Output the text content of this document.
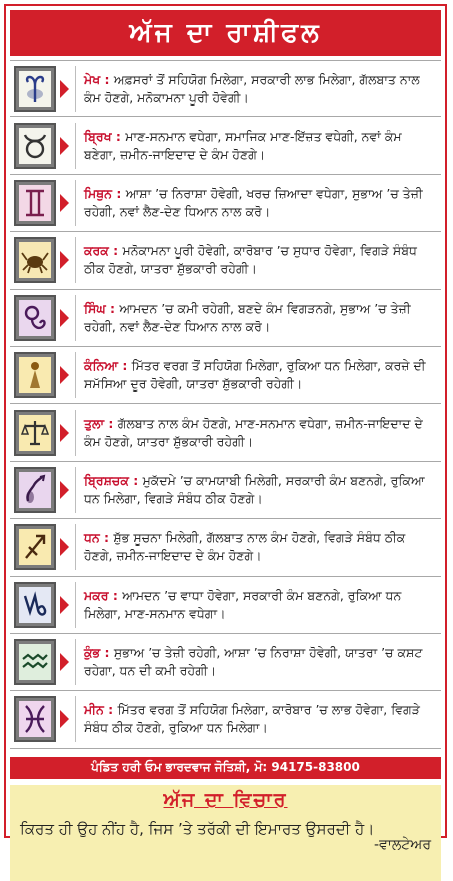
ਅੱਜ ਦਾ ਰਾਸ਼ੀਫਲ
ਮੇਖ : ਅਫ਼ਸਰਾਂ ਤੋਂ ਸਹਿਯੋਗ ਮਿਲੇਗਾ, ਸਰਕਾਰੀ ਲਾਭ ਮਿਲੇਗਾ, ਗੱਲਬਾਤ ਨਾਲ ਕੰਮ ਹੋਣਗੇ, ਮਨੋਕਾਮਨਾ ਪੂਰੀ ਹੋਵੇਗੀ।
ਬ੍ਰਿਖ : ਮਾਣ-ਸਨਮਾਨ ਵਧੇਗਾ, ਸਮਾਜਿਕ ਮਾਣ-ਇੱਜ਼ਤ ਵਧੇਗੀ, ਨਵਾਂ ਕੰਮ ਬਣੇਗਾ, ਜ਼ਮੀਨ-ਜਾਇਦਾਦ ਦੇ ਕੰਮ ਹੋਣਗੇ।
ਮਿਥੁਨ : ਆਸ਼ਾ ’ਚ ਨਿਰਾਸ਼ਾ ਹੋਵੇਗੀ, ਖਰਚ ਜ਼ਿਆਦਾ ਵਧੇਗਾ, ਸੁਭਾਅ ’ਚ ਤੇਜ਼ੀ ਰਹੇਗੀ, ਨਵਾਂ ਲੈਣ-ਦੇਣ ਧਿਆਨ ਨਾਲ ਕਰੋ।
ਕਰਕ : ਮਨੋਕਾਮਨਾ ਪੂਰੀ ਹੋਵੇਗੀ, ਕਾਰੋਬਾਰ ’ਚ ਸੁਧਾਰ ਹੋਵੇਗਾ, ਵਿਗੜੇ ਸੰਬੰਧ ਠੀਕ ਹੋਣਗੇ, ਯਾਤਰਾ ਸ਼ੁੱਭਕਾਰੀ ਰਹੇਗੀ।
ਸਿੰਘ : ਆਮਦਨ ’ਚ ਕਮੀ ਰਹੇਗੀ, ਬਣਦੇ ਕੰਮ ਵਿਗੜਨਗੇ, ਸੁਭਾਅ ’ਚ ਤੇਜ਼ੀ ਰਹੇਗੀ, ਨਵਾਂ ਲੈਣ-ਦੇਣ ਧਿਆਨ ਨਾਲ ਕਰੋ।
ਕੰਨਿਆ : ਮਿੱਤਰ ਵਰਗ ਤੋਂ ਸਹਿਯੋਗ ਮਿਲੇਗਾ, ਰੁਕਿਆ ਧਨ ਮਿਲੇਗਾ, ਕਰਜ਼ੇ ਦੀ ਸਮੱਸਿਆ ਦੂਰ ਹੋਵੇਗੀ, ਯਾਤਰਾ ਸ਼ੁੱਭਕਾਰੀ ਰਹੇਗੀ।
ਤੁਲਾ : ਗੱਲਬਾਤ ਨਾਲ ਕੰਮ ਹੋਣਗੇ, ਮਾਣ-ਸਨਮਾਨ ਵਧੇਗਾ, ਜ਼ਮੀਨ-ਜਾਇਦਾਦ ਦੇ ਕੰਮ ਹੋਣਗੇ, ਯਾਤਰਾ ਸ਼ੁੱਭਕਾਰੀ ਰਹੇਗੀ।
ਬ੍ਰਿਸ਼ਚਕ : ਮੁਕੱਦਮੇ ’ਚ ਕਾਮਯਾਬੀ ਮਿਲੇਗੀ, ਸਰਕਾਰੀ ਕੰਮ ਬਣਨਗੇ, ਰੁਕਿਆ ਧਨ ਮਿਲੇਗਾ, ਵਿਗੜੇ ਸੰਬੰਧ ਠੀਕ ਹੋਣਗੇ।
ਧਨ : ਸ਼ੁੱਭ ਸੂਚਨਾ ਮਿਲੇਗੀ, ਗੱਲਬਾਤ ਨਾਲ ਕੰਮ ਹੋਣਗੇ, ਵਿਗੜੇ ਸੰਬੰਧ ਠੀਕ ਹੋਣਗੇ, ਜ਼ਮੀਨ-ਜਾਇਦਾਦ ਦੇ ਕੰਮ ਹੋਣਗੇ।
ਮਕਰ : ਆਮਦਨ ’ਚ ਵਾਧਾ ਹੋਵੇਗਾ, ਸਰਕਾਰੀ ਕੰਮ ਬਣਨਗੇ, ਰੁਕਿਆ ਧਨ ਮਿਲੇਗਾ, ਮਾਣ-ਸਨਮਾਨ ਵਧੇਗਾ।
ਕੁੰਭ : ਸੁਭਾਅ ’ਚ ਤੇਜ਼ੀ ਰਹੇਗੀ, ਆਸ਼ਾ ’ਚ ਨਿਰਾਸ਼ਾ ਹੋਵੇਗੀ, ਯਾਤਰਾ ’ਚ ਕਸ਼ਟ ਰਹੇਗਾ, ਧਨ ਦੀ ਕਮੀ ਰਹੇਗੀ।
ਮੀਨ : ਮਿੱਤਰ ਵਰਗ ਤੋਂ ਸਹਿਯੋਗ ਮਿਲੇਗਾ, ਕਾਰੋਬਾਰ ’ਚ ਲਾਭ ਹੋਵੇਗਾ, ਵਿਗੜੇ ਸੰਬੰਧ ਠੀਕ ਹੋਣਗੇ, ਰੁਕਿਆ ਧਨ ਮਿਲੇਗਾ।
ਪੰਡਿਤ ਹਰੀ ਓਮ ਭਾਰਦਵਾਜ ਜੋਤਿਸ਼ੀ, ਮੋ: 94175-83800
ਅੱਜ ਦਾ ਵਿਚਾਰ
ਕਿਰਤ ਹੀ ਉਹ ਨੀਂਹ ਹੈ, ਜਿਸ ’ਤੇ ਤਰੱਕੀ ਦੀ ਇਮਾਰਤ ਉਸਰਦੀ ਹੈ।
-ਵਾਲਟੇਅਰ
